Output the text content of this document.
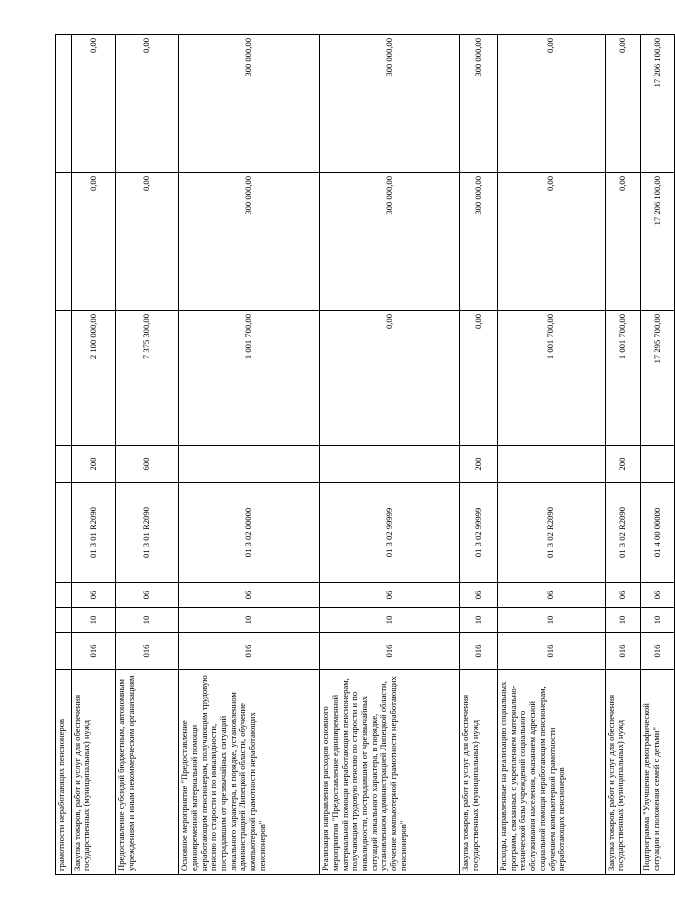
грамотности неработающих пенсионеров								
Закупка товаров, работ и услуг для обеспечения государственных (муниципальных) нужд	016	10	06	01 3 01 R2090	200	2 100 000,00	0,00	0,00
Предоставление субсидий бюджетным, автономным учреждениям и иным некоммерческим организациям	016	10	06	01 3 01 R2090	600	7 375 300,00	0,00	0,00
Основное мероприятие "Предоставление единовременной материальной помощи неработающим пенсионерам, получающим трудовую пенсию по старости и по инвалидности, пострадавшим от чрезвычайных ситуаций локального характера, в порядке, установленном администрацией Липецкой области, обучение компьютерной грамотности неработающих пенсионеров"	016	10	06	01 3 02 00000		1 001 700,00	300 000,00	300 000,00
Реализация направления расходов основного мероприятия "Предоставление единовременной материальной помощи неработающим пенсионерам, получающим трудовую пенсию по старости и по инвалидности, пострадавшим от чрезвычайных ситуаций локального характера, в порядке, установленном администрацией Липецкой области, обучение компьютерной грамотности неработающих пенсионеров"	016	10	06	01 3 02 99999		0,00	300 000,00	300 000,00
Закупка товаров, работ и услуг для обеспечения государственных (муниципальных) нужд	016	10	06	01 3 02 99999	200	0,00	300 000,00	300 000,00
Расходы, направленные на реализацию социальных программ, связанных с укреплением материально-технической базы учреждений социального обслуживания населения, оказанием адресной социальной помощи неработающим пенсионерам, обучением компьютерной грамотности неработающих пенсионеров	016	10	06	01 3 02 R2090		1 001 700,00	0,00	0,00
Закупка товаров, работ и услуг для обеспечения государственных (муниципальных) нужд	016	10	06	01 3 02 R2090	200	1 001 700,00	0,00	0,00
Подпрограмма "Улучшение демографической ситуации и положения семей с детьми"	016	10	06	01 4 00 00000		17 295 700,00	17 206 100,00	17 206 100,00
